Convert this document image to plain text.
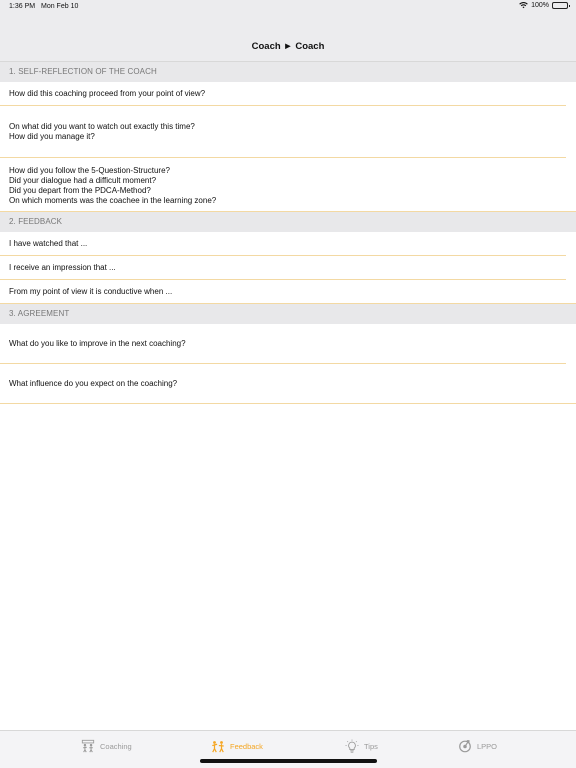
1:36 PM Mon Feb 10	100%
Coach ► Coach
1. SELF-REFLECTION OF THE COACH
How did this coaching proceed from your point of view?
On what did you want to watch out exactly this time?
How did you manage it?
How did you follow the 5-Question-Structure?
Did your dialogue had a difficult moment?
Did you depart from the PDCA-Method?
On which moments was the coachee in the learning zone?
2. FEEDBACK
I have watched that ...
I receive an impression that ...
From my point of view it is conductive when ...
3. AGREEMENT
What do you like to improve in the next coaching?
What influence do you expect on the coaching?
Coaching	Feedback	Tips	LPPO
